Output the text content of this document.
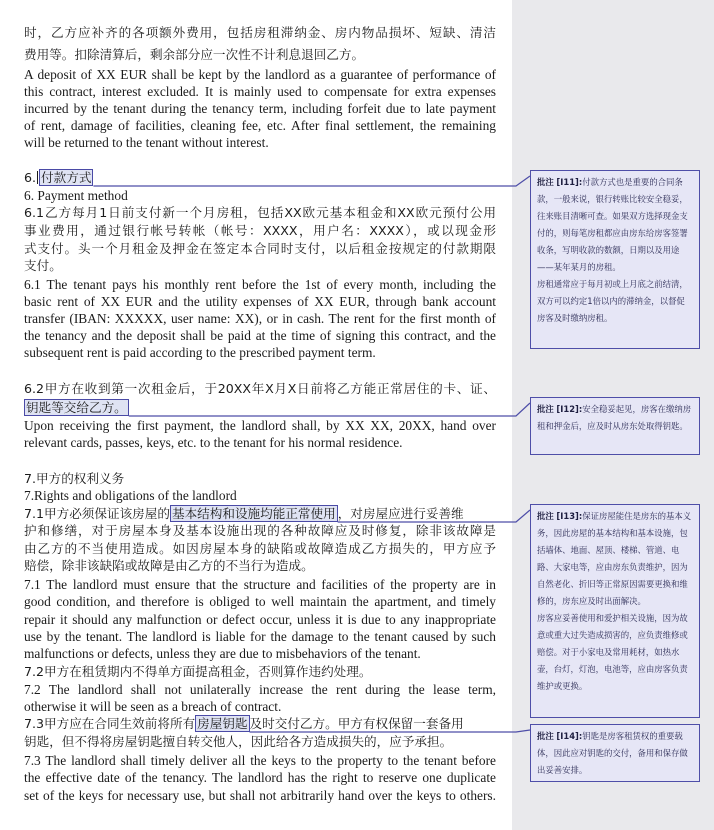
时，乙方应补齐的各项额外费用，包括房租滞纳金、房内物品损坏、短缺、清洁

费用等。扣除清算后，剩余部分应一次性不计利息退回乙方。

A deposit of XX EUR shall be kept by the landlord as a guarantee of performance of

this contract, interest excluded. It is mainly used to compensate for extra expenses

incurred by the tenant during the tenancy term, including forfeit due to late payment

of rent, damage of facilities, cleaning fee, etc. After final settlement, the remaining

will be returned to the tenant without interest.

6. Payment method

6.1乙方每月1日前支付新一个月房租，包括XX欧元基本租金和XX欧元预付公用

事业费用，通过银行帐号转帐（帐号：XXXX，用户名：XXXX），或以现金形

式支付。头一个月租金及押金在签定本合同时支付，以后租金按规定的付款期限

支付。

6.1 The tenant pays his monthly rent before the 1st of every month, including the

basic rent of XX EUR and the utility expenses of XX EUR, through bank account

transfer (IBAN: XXXXX, user name: XX), or in cash. The rent for the first month of

the tenancy and the deposit shall be paid at the time of signing this contract, and the

subsequent rent is paid according to the prescribed payment term.

6.2甲方在收到第一次租金后，于20XX年X月X日前将乙方能正常居住的卡、证、

Upon receiving the first payment, the landlord shall, by XX XX, 20XX, hand over

relevant cards, passes, keys, etc. to the tenant for his normal residence.

7.甲方的权利义务

7.Rights and obligations of the landlord

护和修缮，对于房屋本身及基本设施出现的各种故障应及时修复，除非该故障是

由乙方的不当使用造成。如因房屋本身的缺陷或故障造成乙方损失的，甲方应予

赔偿，除非该缺陷或故障是由乙方的不当行为造成。

7.1 The landlord must ensure that the structure and facilities of the property are in

good condition, and therefore is obliged to well maintain the apartment, and timely

repair it should any malfunction or defect occur, unless it is due to any inappropriate

use by the tenant. The landlord is liable for the damage to the tenant caused by such

malfunctions or defects, unless they are due to misbehaviors of the tenant.

7.2甲方在租赁期内不得单方面提高租金，否则算作违约处理。

7.2 The landlord shall not unilaterally increase the rent during the lease term,

otherwise it will be seen as a breach of contract.

钥匙，但不得将房屋钥匙擅自转交他人，因此给各方造成损失的，应予承担。

7.3 The landlord shall timely deliver all the keys to the property to the tenant before

the effective date of the tenancy. The landlord has the right to reserve one duplicate

set of the keys for necessary use, but shall not arbitrarily hand over the keys to others.

6. 付款方式

钥匙等交给乙方。

7.1甲方必须保证该房屋的 基本结构和设施均能正常使用 ，对房屋应进行妥善维

7.3甲方应在合同生效前将所有 房屋钥匙 及时交付乙方。甲方有权保留一套备用

批注 [I11]:付款方式也是重要的合同条款，一般来说，银行转账比较安全稳妥，往来账目清晰可查。如果双方选择现金支付的，则每笔房租都应由房东给房客签署收条，写明收款的数额，日期以及用途——某年某月的房租。

房租通常应于每月初或上月底之前结清，双方可以约定1倍以内的滞纳金，以督促房客及时缴纳房租。

批注 [I12]:安全稳妥起见，房客在缴纳房租和押金后，应及时从房东处取得钥匙。

批注 [I13]:保证房屋能住是房东的基本义务，因此房屋的基本结构和基本设施，包括墙体、地面、屋顶、楼梯、管道、电路、大家电等，应由房东负责维护，因为自然老化、折旧等正常原因需要更换和维修的，房东应及时出面解决。

房客应妥善使用和爱护相关设施，因为故意或重大过失造成损害的，应负责维修或赔偿。对于小家电及常用耗材，如热水壶，台灯，灯泡，电池等，应由房客负责维护或更换。

批注 [I14]:钥匙是房客租赁权的重要载体，因此应对钥匙的交付，备用和保存做出妥善安排。
